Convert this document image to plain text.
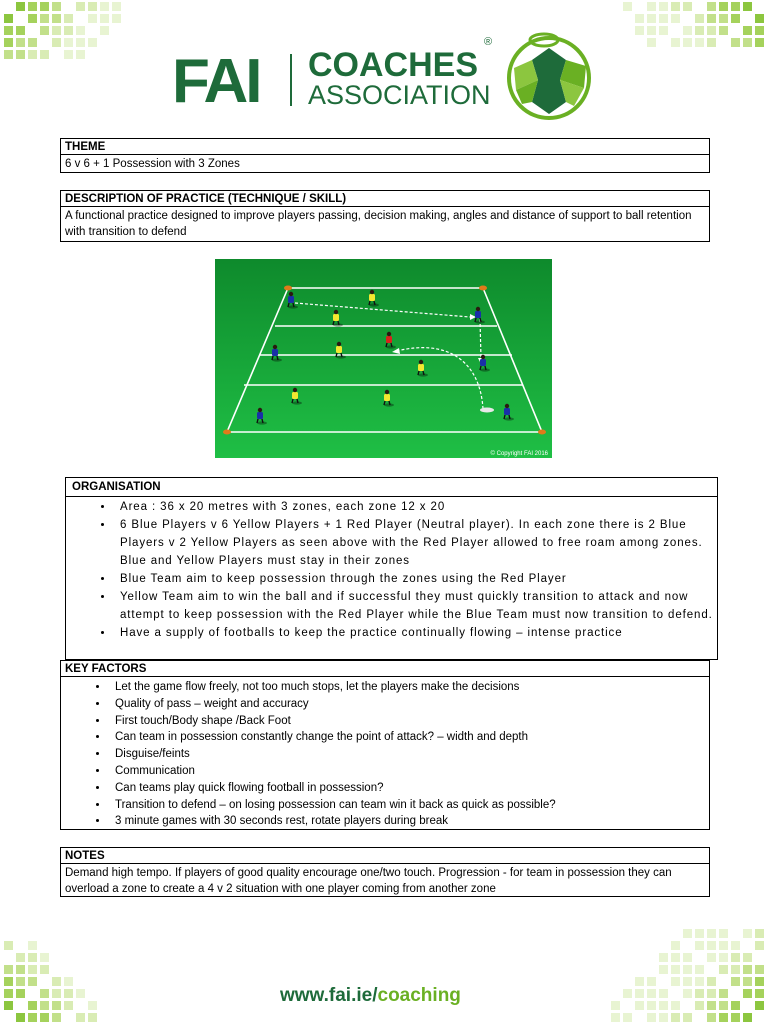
FAI COACHES
®
ASSOCIATION
THEME
6 v 6 + 1 Possession with 3 Zones
DESCRIPTION OF PRACTICE (TECHNIQUE / SKILL)
A functional practice designed to improve players passing, decision making, angles and distance of support to ball retention with transition to defend
© Copyright FAI 2016
ORGANISATION
• Area : 36 x 20 metres with 3 zones, each zone 12 x 20
• 6 Blue Players v 6 Yellow Players + 1 Red Player (Neutral player). In each zone there is 2 Blue Players v 2 Yellow Players as seen above with the Red Player allowed to free roam among zones. Blue and Yellow Players must stay in their zones
• Blue Team aim to keep possession through the zones using the Red Player
• Yellow Team aim to win the ball and if successful they must quickly transition to attack and now attempt to keep possession with the Red Player while the Blue Team must now transition to defend.
• Have a supply of footballs to keep the practice continually flowing – intense practice
KEY FACTORS
• Let the game flow freely, not too much stops, let the players make the decisions
• Quality of pass – weight and accuracy
• First touch/Body shape /Back Foot
• Can team in possession constantly change the point of attack? – width and depth
• Disguise/feints
• Communication
• Can teams play quick flowing football in possession?
• Transition to defend – on losing possession can team win it back as quick as possible?
• 3 minute games with 30 seconds rest, rotate players during break
NOTES
Demand high tempo. If players of good quality encourage one/two touch. Progression - for team in possession they can overload a zone to create a 4 v 2 situation with one player coming from another zone
www.fai.ie/coaching
